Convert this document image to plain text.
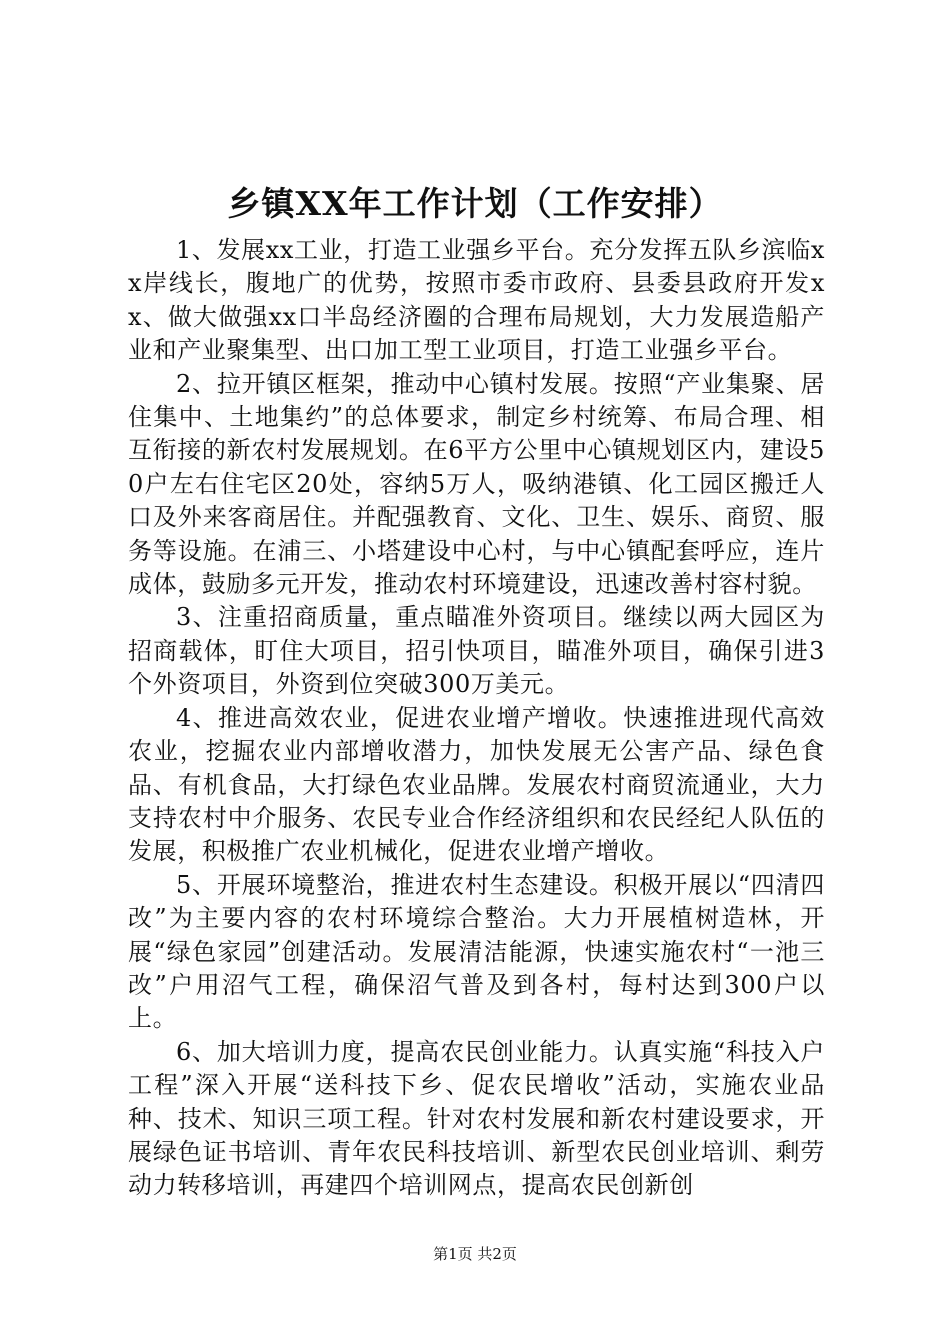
乡镇XX年工作计划（工作安排）

1、发展xx工业，打造工业强乡平台。充分发挥五队乡滨临xx岸线长，腹地广的优势，按照市委市政府、县委县政府开发xx、做大做强xx口半岛经济圈的合理布局规划，大力发展造船产业和产业聚集型、出口加工型工业项目，打造工业强乡平台。

2、拉开镇区框架，推动中心镇村发展。按照“产业集聚、居住集中、土地集约”的总体要求，制定乡村统筹、布局合理、相互衔接的新农村发展规划。在6平方公里中心镇规划区内，建设50户左右住宅区20处，容纳5万人，吸纳港镇、化工园区搬迁人口及外来客商居住。并配强教育、文化、卫生、娱乐、商贸、服务等设施。在浦三、小塔建设中心村，与中心镇配套呼应，连片成体，鼓励多元开发，推动农村环境建设，迅速改善村容村貌。

3、注重招商质量，重点瞄准外资项目。继续以两大园区为招商载体，盯住大项目，招引快项目，瞄准外项目，确保引进3个外资项目，外资到位突破300万美元。

4、推进高效农业，促进农业增产增收。快速推进现代高效农业，挖掘农业内部增收潜力，加快发展无公害产品、绿色食品、有机食品，大打绿色农业品牌。发展农村商贸流通业，大力支持农村中介服务、农民专业合作经济组织和农民经纪人队伍的发展，积极推广农业机械化，促进农业增产增收。

5、开展环境整治，推进农村生态建设。积极开展以“四清四改”为主要内容的农村环境综合整治。大力开展植树造林，开展“绿色家园”创建活动。发展清洁能源，快速实施农村“一池三改”户用沼气工程，确保沼气普及到各村，每村达到300户以上。

6、加大培训力度，提高农民创业能力。认真实施“科技入户工程”深入开展“送科技下乡、促农民增收”活动，实施农业品种、技术、知识三项工程。针对农村发展和新农村建设要求，开展绿色证书培训、青年农民科技培训、新型农民创业培训、剩劳动力转移培训，再建四个培训网点，提高农民创新创

第1页 共2页
